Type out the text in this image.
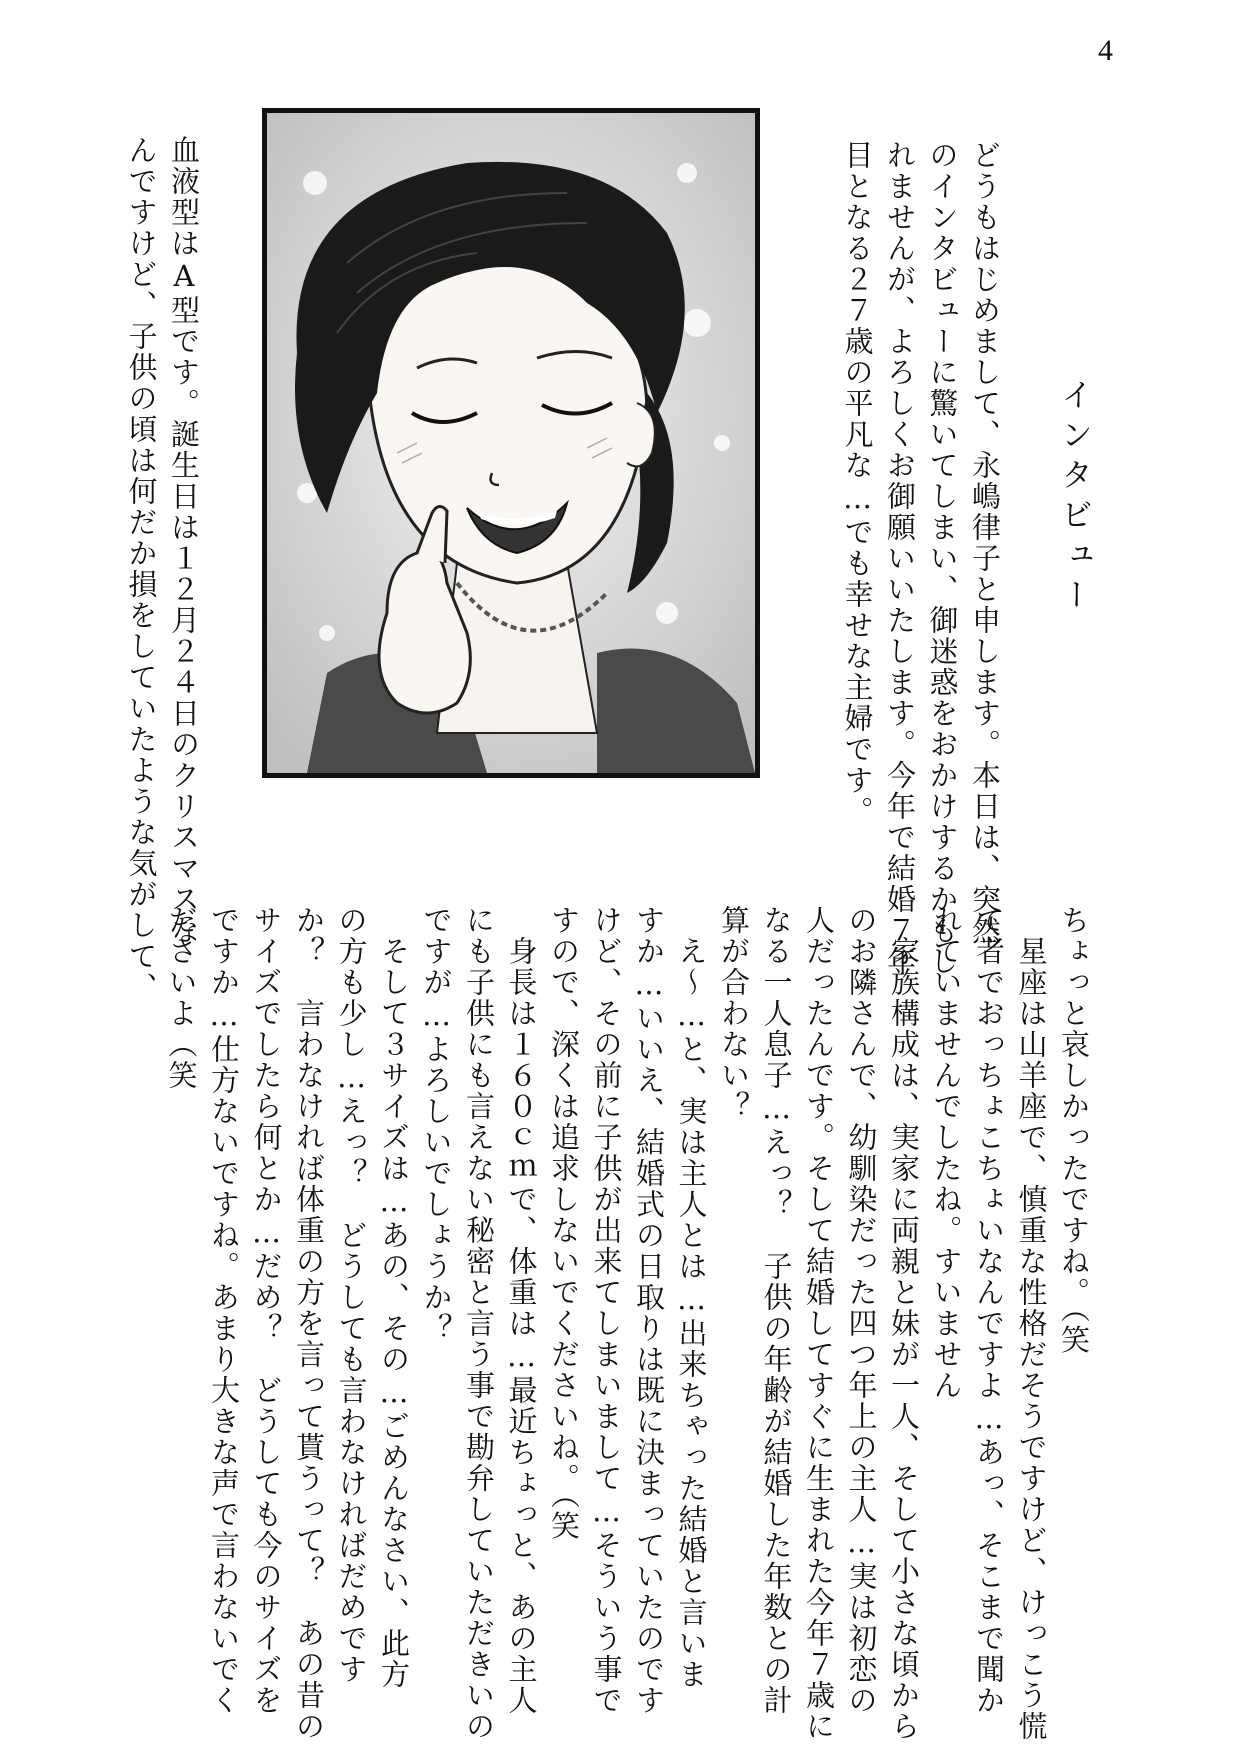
4
インタビュー
どうもはじめまして、永嶋律子と申します。本日は、突然
のインタビューに驚いてしまい、御迷惑をおかけするかもし
れませんが、よろしくお御願いいたします。今年で結婚７年
目となる２７歳の平凡な…でも幸せな主婦です。
血液型はA型です。誕生日は１２月２４日のクリスマスな
んですけど、子供の頃は何だか損をしていたような気がして、
ちょっと哀しかったですね。（笑
　星座は山羊座で、慎重な性格だそうですけど、けっこう慌
て者でおっちょこちょいなんですよ…あっ、そこまで聞か
れていませんでしたね。すいません
　家族構成は、実家に両親と妹が一人、そして小さな頃から
のお隣さんで、幼馴染だった四つ年上の主人…実は初恋の
人だったんです。そして結婚してすぐに生まれた今年７歳に
なる一人息子…えっ？　子供の年齢が結婚した年数との計
算が合わない？
　え〜…と、実は主人とは…出来ちゃった結婚と言いま
すか…いいえ、結婚式の日取りは既に決まっていたのです
けど、その前に子供が出来てしまいまして…そういう事で
すので、深くは追求しないでくださいね。（笑
　身長は１６０ｃｍで、体重は…最近ちょっと、あの主人
にも子供にも言えない秘密と言う事で勘弁していただきいの
ですが…よろしいでしょうか？
　そして３サイズは…あの、その…ごめんなさい、此方
の方も少し…えっ？　どうしても言わなければだめです
か？　言わなければ体重の方を言って貰うって？　あの昔の
サイズでしたら何とか…だめ？　どうしても今のサイズを
ですか…仕方ないですね。あまり大きな声で言わないでく
ださいよ（笑
